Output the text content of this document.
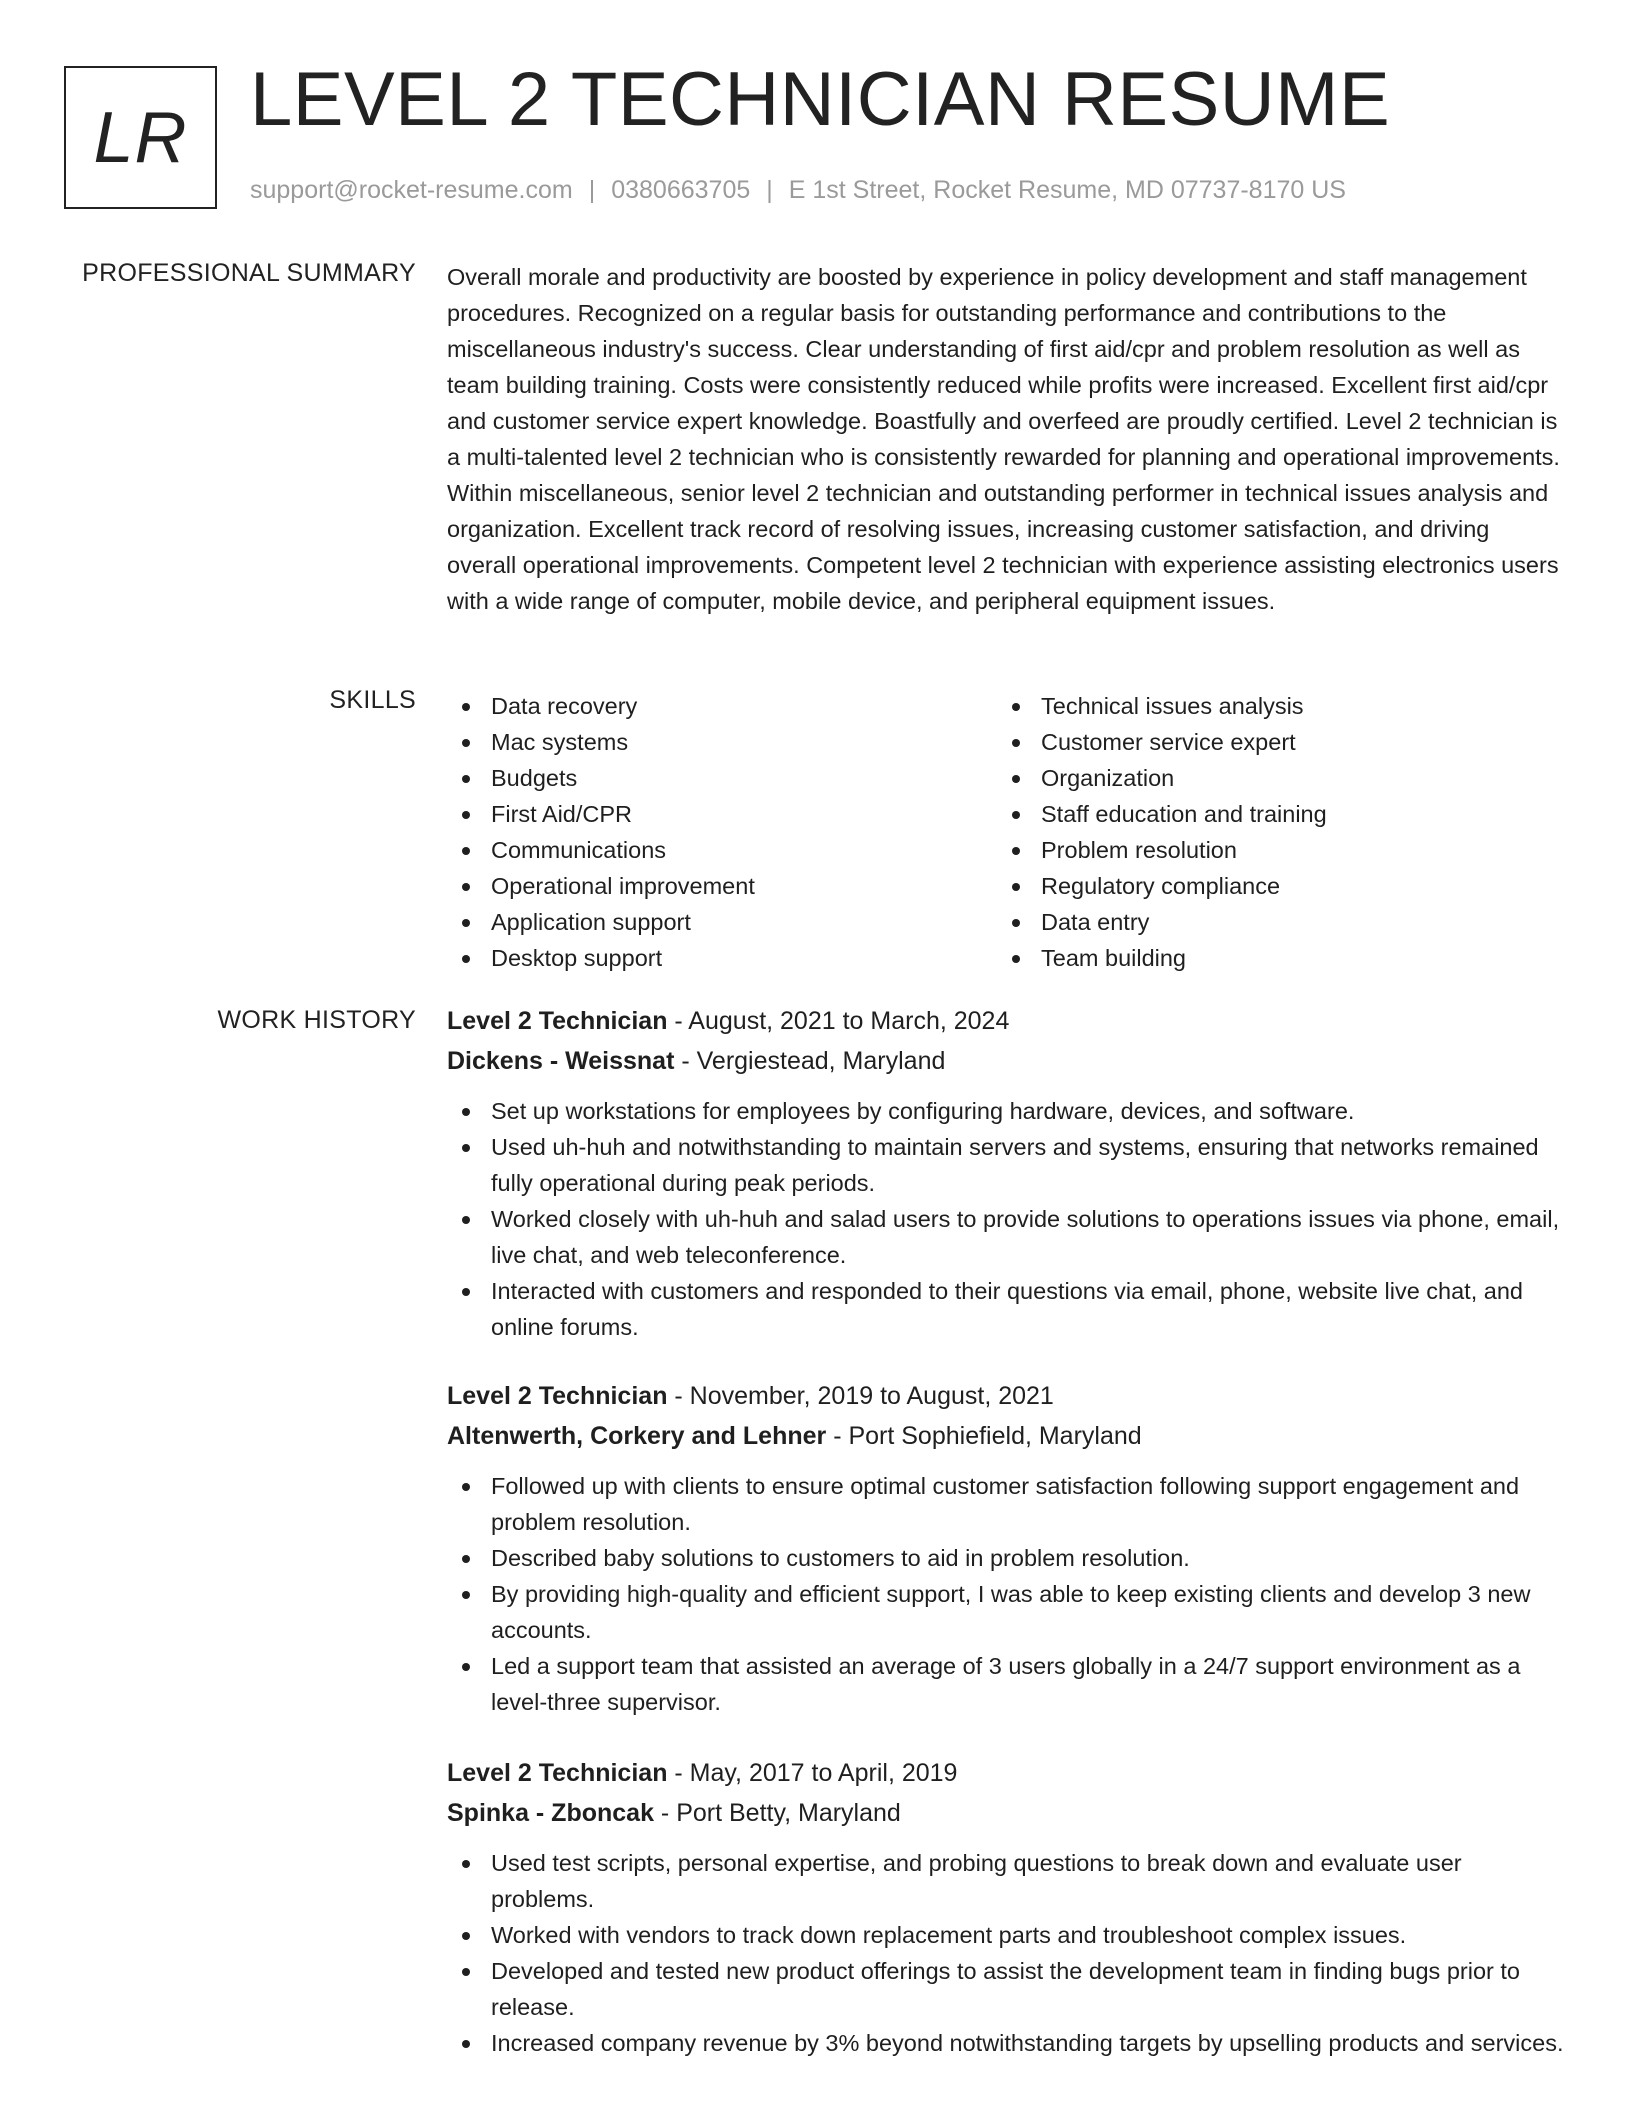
LR LEVEL 2 TECHNICIAN RESUME
support@rocket-resume.com | 0380663705 | E 1st Street, Rocket Resume, MD 07737-8170 US
PROFESSIONAL SUMMARY Overall morale and productivity are boosted by experience in policy development and staff management procedures. Recognized on a regular basis for outstanding performance and contributions to the miscellaneous industry's success. Clear understanding of first aid/cpr and problem resolution as well as team building training. Costs were consistently reduced while profits were increased. Excellent first aid/cpr and customer service expert knowledge. Boastfully and overfeed are proudly certified. Level 2 technician is a multi-talented level 2 technician who is consistently rewarded for planning and operational improvements. Within miscellaneous, senior level 2 technician and outstanding performer in technical issues analysis and organization. Excellent track record of resolving issues, increasing customer satisfaction, and driving overall operational improvements. Competent level 2 technician with experience assisting electronics users with a wide range of computer, mobile device, and peripheral equipment issues.

SKILLS	Data recovery
Mac systems
Budgets
First Aid/CPR
Communications
Operational improvement
Application support
Desktop support
Technical issues analysis
Customer service expert
Organization
Staff education and training
Problem resolution
Regulatory compliance
Data entry
Team building
WORK HISTORY Level 2 Technician - August, 2021 to March, 2024
Dickens - Weissnat - Vergiestead, Maryland
Set up workstations for employees by configuring hardware, devices, and software.
Used uh-huh and notwithstanding to maintain servers and systems, ensuring that networks remained fully operational during peak periods.
Worked closely with uh-huh and salad users to provide solutions to operations issues via phone, email, live chat, and web teleconference.
Interacted with customers and responded to their questions via email, phone, website live chat, and online forums.
Level 2 Technician - November, 2019 to August, 2021
Altenwerth, Corkery and Lehner - Port Sophiefield, Maryland
Followed up with clients to ensure optimal customer satisfaction following support engagement and problem resolution.
Described baby solutions to customers to aid in problem resolution.
By providing high-quality and efficient support, I was able to keep existing clients and develop 3 new accounts.
Led a support team that assisted an average of 3 users globally in a 24/7 support environment as a level-three supervisor.
Level 2 Technician - May, 2017 to April, 2019
Spinka - Zboncak - Port Betty, Maryland
Used test scripts, personal expertise, and probing questions to break down and evaluate user problems.
Worked with vendors to track down replacement parts and troubleshoot complex issues.
Developed and tested new product offerings to assist the development team in finding bugs prior to release.
Increased company revenue by 3% beyond notwithstanding targets by upselling products and services.
